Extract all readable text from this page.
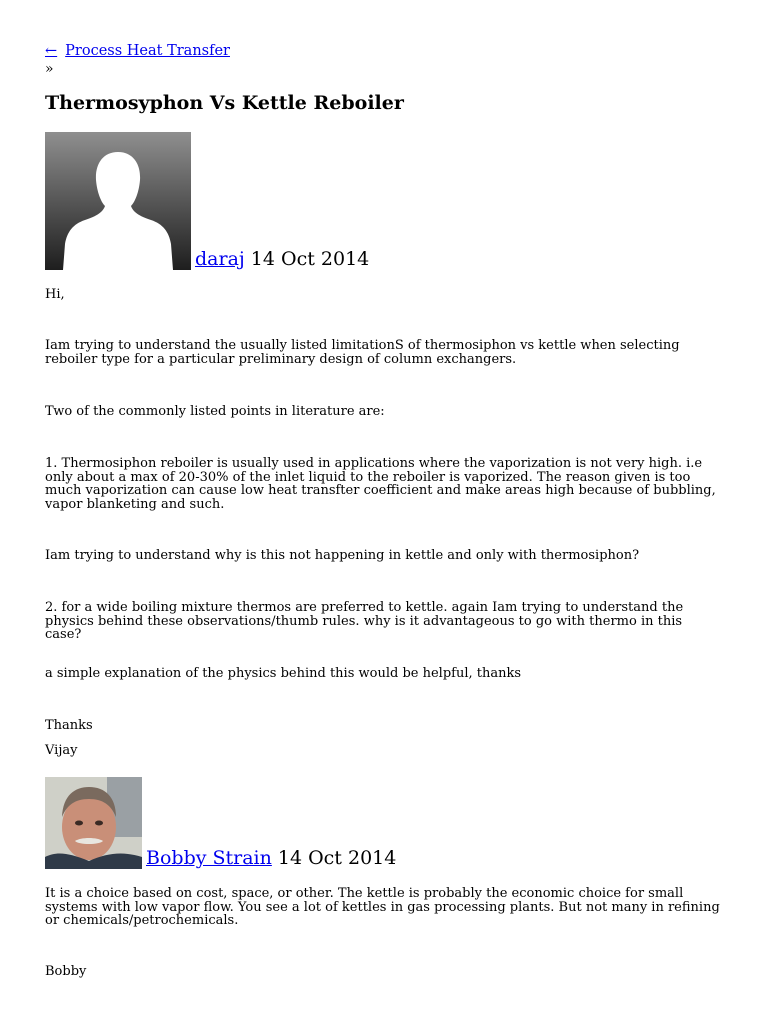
← Process Heat Transfer
»
Thermosyphon Vs Kettle Reboiler
daraj 14 Oct 2014

Hi,

Iam trying to understand the usually listed limitationS of thermosiphon vs kettle when selecting reboiler type for a particular preliminary design of column exchangers.

Two of the commonly listed points in literature are:

1. Thermosiphon reboiler is usually used in applications where the vaporization is not very high. i.e only about a max of 20-30% of the inlet liquid to the reboiler is vaporized. The reason given is too much vaporization can cause low heat transfter coefficient and make areas high because of bubbling, vapor blanketing and such.

Iam trying to understand why is this not happening in kettle and only with thermosiphon?

2. for a wide boiling mixture thermos are preferred to kettle. again Iam trying to understand the physics behind these observations/thumb rules. why is it advantageous to go with thermo in this case?

a simple explanation of the physics behind this would be helpful, thanks

Thanks

Vijay

Bobby Strain 14 Oct 2014

It is a choice based on cost, space, or other. The kettle is probably the economic choice for small systems with low vapor flow. You see a lot of kettles in gas processing plants. But not many in refining or chemicals/petrochemicals.

Bobby
